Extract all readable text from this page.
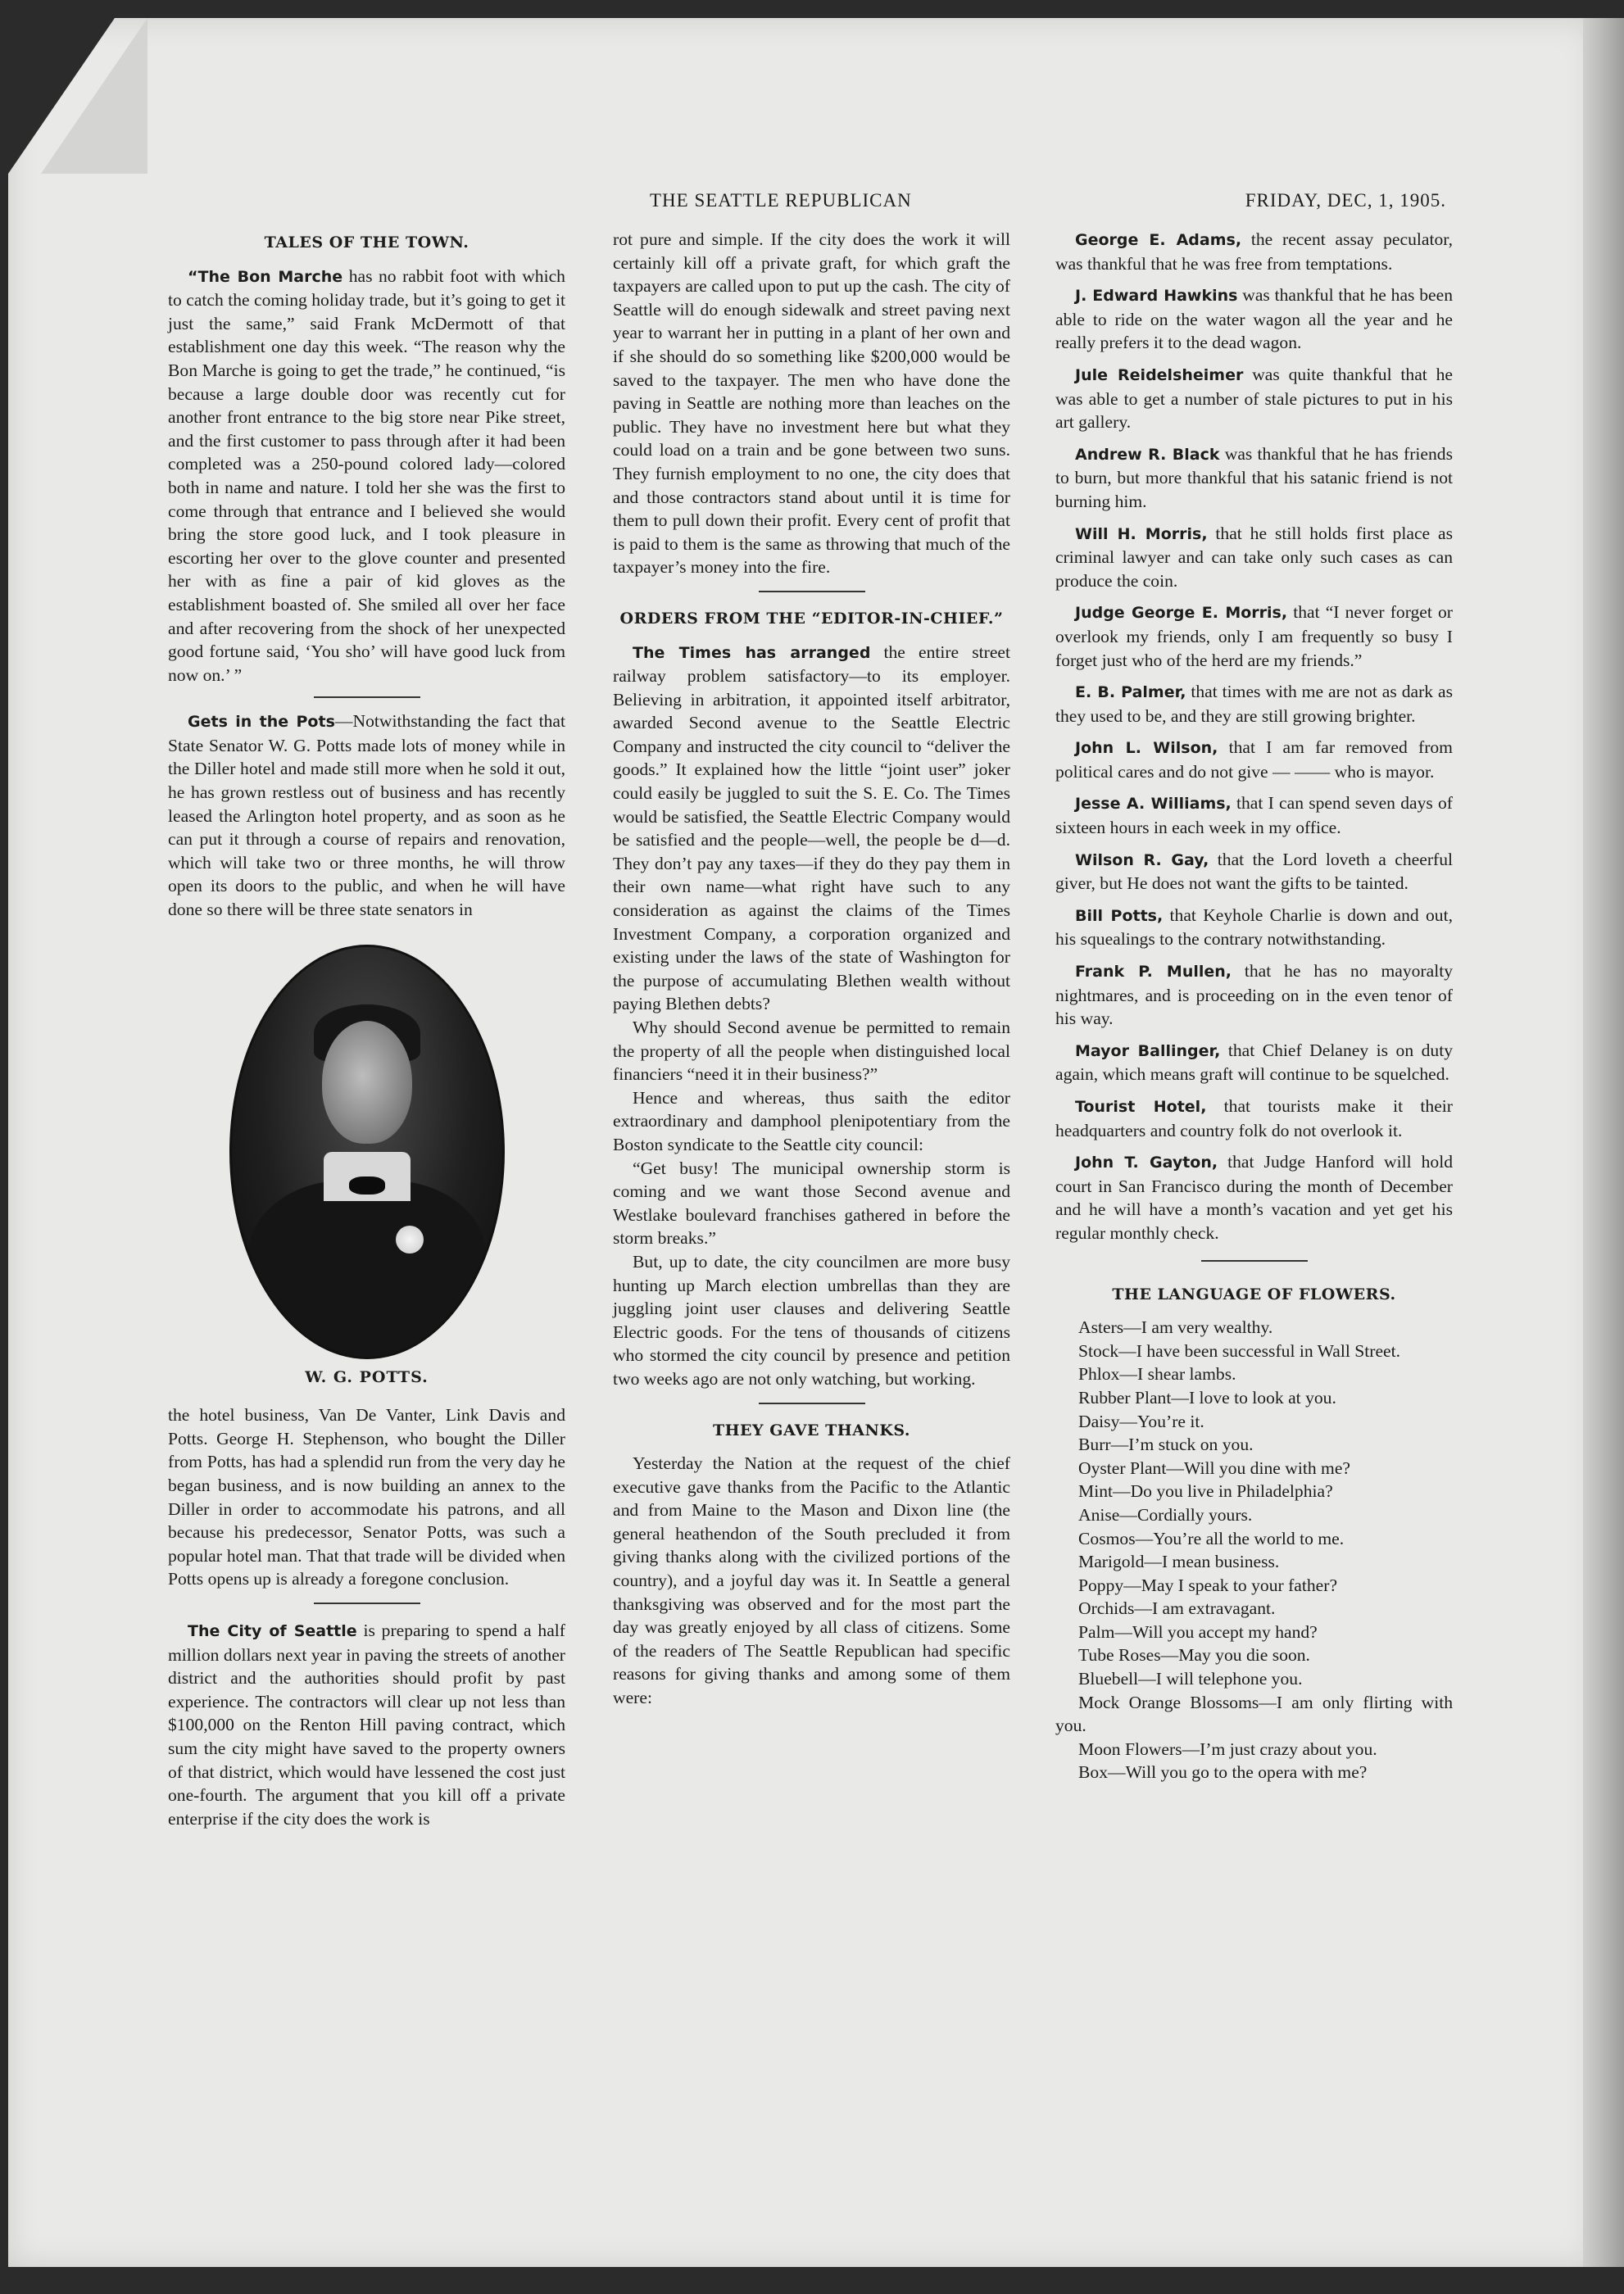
THE SEATTLE REPUBLICAN	FRIDAY, DEC, 1, 1905.
TALES OF THE TOWN.

“The Bon Marche has no rabbit foot with which to catch the coming holiday trade, but it’s going to get it just the same,” said Frank McDermott of that establishment one day this week. “The reason why the Bon Marche is going to get the trade,” he continued, “is because a large double door was recently cut for another front entrance to the big store near Pike street, and the first customer to pass through after it had been completed was a 250-pound colored lady—colored both in name and nature. I told her she was the first to come through that entrance and I believed she would bring the store good luck, and I took pleasure in escorting her over to the glove counter and presented her with as fine a pair of kid gloves as the establishment boasted of. She smiled all over her face and after recovering from the shock of her unexpected good fortune said, ‘You sho’ will have good luck from now on.’ ”

Gets in the Pots—Notwithstanding the fact that State Senator W. G. Potts made lots of money while in the Diller hotel and made still more when he sold it out, he has grown restless out of business and has recently leased the Arlington hotel property, and as soon as he can put it through a course of repairs and renovation, which will take two or three months, he will throw open its doors to the public, and when he will have done so there will be three state senators in

W. G. POTTS.

the hotel business, Van De Vanter, Link Davis and Potts. George H. Stephenson, who bought the Diller from Potts, has had a splendid run from the very day he began business, and is now building an annex to the Diller in order to accommodate his patrons, and all because his predecessor, Senator Potts, was such a popular hotel man. That that trade will be divided when Potts opens up is already a foregone conclusion.

The City of Seattle is preparing to spend a half million dollars next year in paving the streets of another district and the authorities should profit by past experience. The contractors will clear up not less than $100,000 on the Renton Hill paving contract, which sum the city might have saved to the property owners of that district, which would have lessened the cost just one-fourth. The argument that you kill off a private enterprise if the city does the work is

rot pure and simple. If the city does the work it will certainly kill off a private graft, for which graft the taxpayers are called upon to put up the cash. The city of Seattle will do enough sidewalk and street paving next year to warrant her in putting in a plant of her own and if she should do so something like $200,000 would be saved to the taxpayer. The men who have done the paving in Seattle are nothing more than leaches on the public. They have no investment here but what they could load on a train and be gone between two suns. They furnish employment to no one, the city does that and those contractors stand about until it is time for them to pull down their profit. Every cent of profit that is paid to them is the same as throwing that much of the taxpayer’s money into the fire.

ORDERS FROM THE “EDITOR-IN-CHIEF.”

The Times has arranged the entire street railway problem satisfactory—to its employer. Believing in arbitration, it appointed itself arbitrator, awarded Second avenue to the Seattle Electric Company and instructed the city council to “deliver the goods.” It explained how the little “joint user” joker could easily be juggled to suit the S. E. Co. The Times would be satisfied, the Seattle Electric Company would be satisfied and the people—well, the people be d—d. They don’t pay any taxes—if they do they pay them in their own name—what right have such to any consideration as against the claims of the Times Investment Company, a corporation organized and existing under the laws of the state of Washington for the purpose of accumulating Blethen wealth without paying Blethen debts?

Why should Second avenue be permitted to remain the property of all the people when distinguished local financiers “need it in their business?”

Hence and whereas, thus saith the editor extraordinary and damphool plenipotentiary from the Boston syndicate to the Seattle city council:

“Get busy! The municipal ownership storm is coming and we want those Second avenue and Westlake boulevard franchises gathered in before the storm breaks.”

But, up to date, the city councilmen are more busy hunting up March election umbrellas than they are juggling joint user clauses and delivering Seattle Electric goods. For the tens of thousands of citizens who stormed the city council by presence and petition two weeks ago are not only watching, but working.

THEY GAVE THANKS.

Yesterday the Nation at the request of the chief executive gave thanks from the Pacific to the Atlantic and from Maine to the Mason and Dixon line (the general heathendon of the South precluded it from giving thanks along with the civilized portions of the country), and a joyful day was it. In Seattle a general thanksgiving was observed and for the most part the day was greatly enjoyed by all class of citizens. Some of the readers of The Seattle Republican had specific reasons for giving thanks and among some of them were:

George E. Adams, the recent assay peculator, was thankful that he was free from temptations.

J. Edward Hawkins was thankful that he has been able to ride on the water wagon all the year and he really prefers it to the dead wagon.

Jule Reidelsheimer was quite thankful that he was able to get a number of stale pictures to put in his art gallery.

Andrew R. Black was thankful that he has friends to burn, but more thankful that his satanic friend is not burning him.

Will H. Morris, that he still holds first place as criminal lawyer and can take only such cases as can produce the coin.

Judge George E. Morris, that “I never forget or overlook my friends, only I am frequently so busy I forget just who of the herd are my friends.”

E. B. Palmer, that times with me are not as dark as they used to be, and they are still growing brighter.

John L. Wilson, that I am far removed from political cares and do not give — —— who is mayor.

Jesse A. Williams, that I can spend seven days of sixteen hours in each week in my office.

Wilson R. Gay, that the Lord loveth a cheerful giver, but He does not want the gifts to be tainted.

Bill Potts, that Keyhole Charlie is down and out, his squealings to the contrary notwithstanding.

Frank P. Mullen, that he has no mayoralty nightmares, and is proceeding on in the even tenor of his way.

Mayor Ballinger, that Chief Delaney is on duty again, which means graft will continue to be squelched.

Tourist Hotel, that tourists make it their headquarters and country folk do not overlook it.

John T. Gayton, that Judge Hanford will hold court in San Francisco during the month of December and he will have a month’s vacation and yet get his regular monthly check.

THE LANGUAGE OF FLOWERS.

Asters—I am very wealthy.

Stock—I have been successful in Wall Street.

Phlox—I shear lambs.

Rubber Plant—I love to look at you.

Daisy—You’re it.

Burr—I’m stuck on you.

Oyster Plant—Will you dine with me?

Mint—Do you live in Philadelphia?

Anise—Cordially yours.

Cosmos—You’re all the world to me.

Marigold—I mean business.

Poppy—May I speak to your father?

Orchids—I am extravagant.

Palm—Will you accept my hand?

Tube Roses—May you die soon.

Bluebell—I will telephone you.

Mock Orange Blossoms—I am only flirting with you.

Moon Flowers—I’m just crazy about you.

Box—Will you go to the opera with me?
